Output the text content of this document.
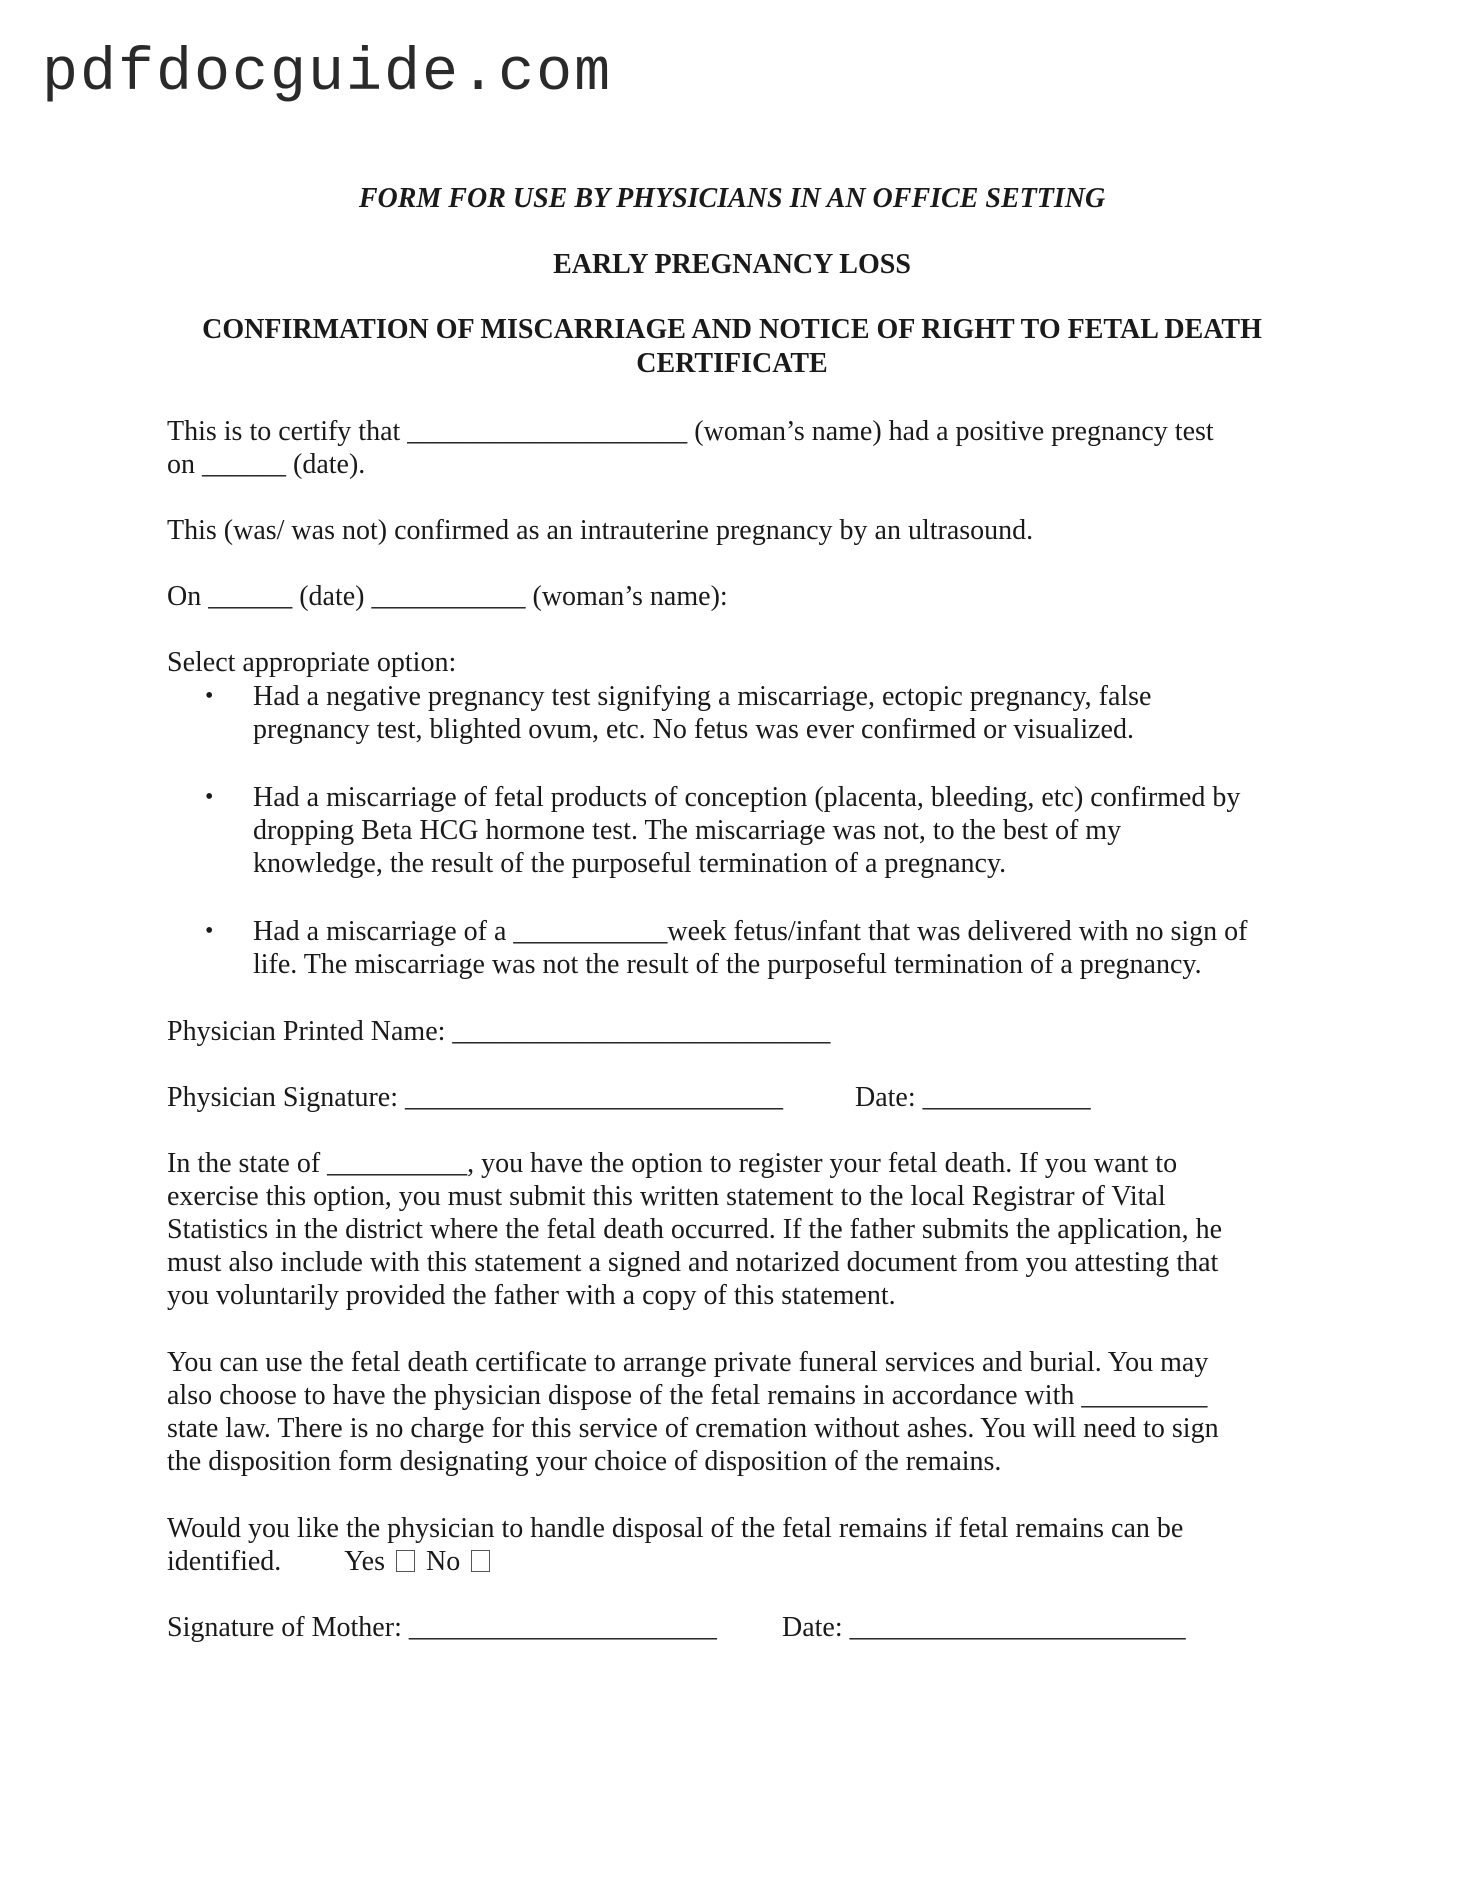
pdfdocguide.com
FORM FOR USE BY PHYSICIANS IN AN OFFICE SETTING
EARLY PREGNANCY LOSS
CONFIRMATION OF MISCARRIAGE AND NOTICE OF RIGHT TO FETAL DEATH
CERTIFICATE
This is to certify that ____________________ (woman’s name) had a positive pregnancy test
on ______ (date).
This (was/ was not) confirmed as an intrauterine pregnancy by an ultrasound.
On ______ (date) ___________ (woman’s name):
Select appropriate option:
• Had a negative pregnancy test signifying a miscarriage, ectopic pregnancy, false
pregnancy test, blighted ovum, etc. No fetus was ever confirmed or visualized.
• Had a miscarriage of fetal products of conception (placenta, bleeding, etc) confirmed by
dropping Beta HCG hormone test. The miscarriage was not, to the best of my
knowledge, the result of the purposeful termination of a pregnancy.
• Had a miscarriage of a ___________week fetus/infant that was delivered with no sign of
life. The miscarriage was not the result of the purposeful termination of a pregnancy.
Physician Printed Name: ___________________________
Physician Signature: ___________________________	Date: ____________
In the state of __________, you have the option to register your fetal death. If you want to
exercise this option, you must submit this written statement to the local Registrar of Vital
Statistics in the district where the fetal death occurred. If the father submits the application, he
must also include with this statement a signed and notarized document from you attesting that
you voluntarily provided the father with a copy of this statement.
You can use the fetal death certificate to arrange private funeral services and burial. You may
also choose to have the physician dispose of the fetal remains in accordance with _________
state law. There is no charge for this service of cremation without ashes. You will need to sign
the disposition form designating your choice of disposition of the remains.
Would you like the physician to handle disposal of the fetal remains if fetal remains can be
identified. Yes No
Signature of Mother: ______________________ Date: ________________________
